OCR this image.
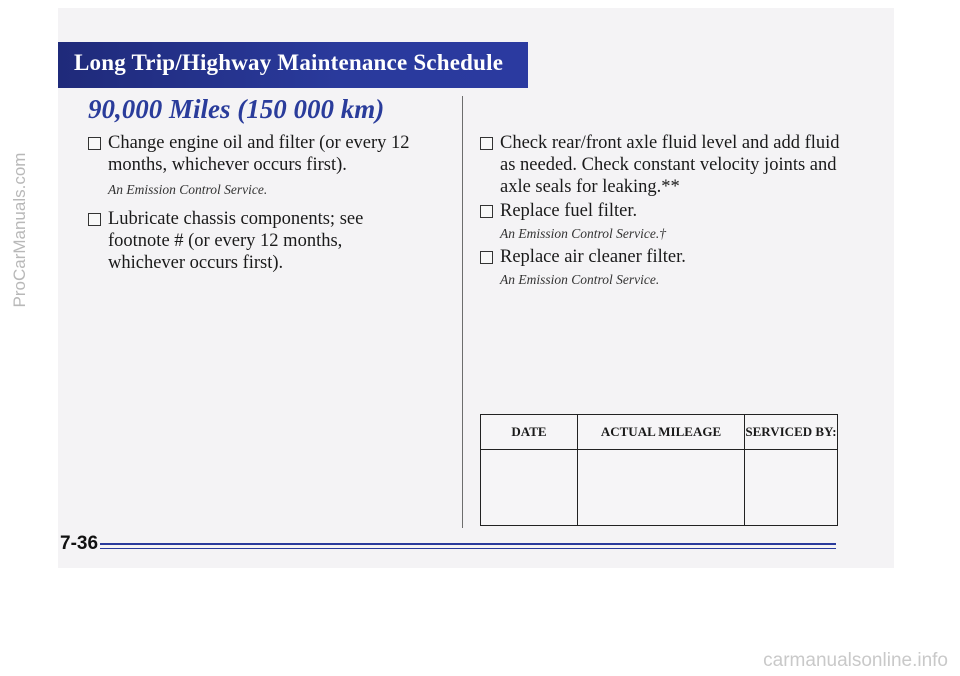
Long Trip/Highway Maintenance Schedule
90,000 Miles (150 000 km)
Change engine oil and filter (or every 12 months, whichever occurs first).
An Emission Control Service.
Lubricate chassis components; see footnote # (or every 12 months, whichever occurs first).
Check rear/front axle fluid level and add fluid as needed. Check constant velocity joints and axle seals for leaking.**
Replace fuel filter.
An Emission Control Service.†
Replace air cleaner filter.
An Emission Control Service.
DATE	ACTUAL MILEAGE	SERVICED BY:

7-36
ProCarManuals.com
carmanualsonline.info
